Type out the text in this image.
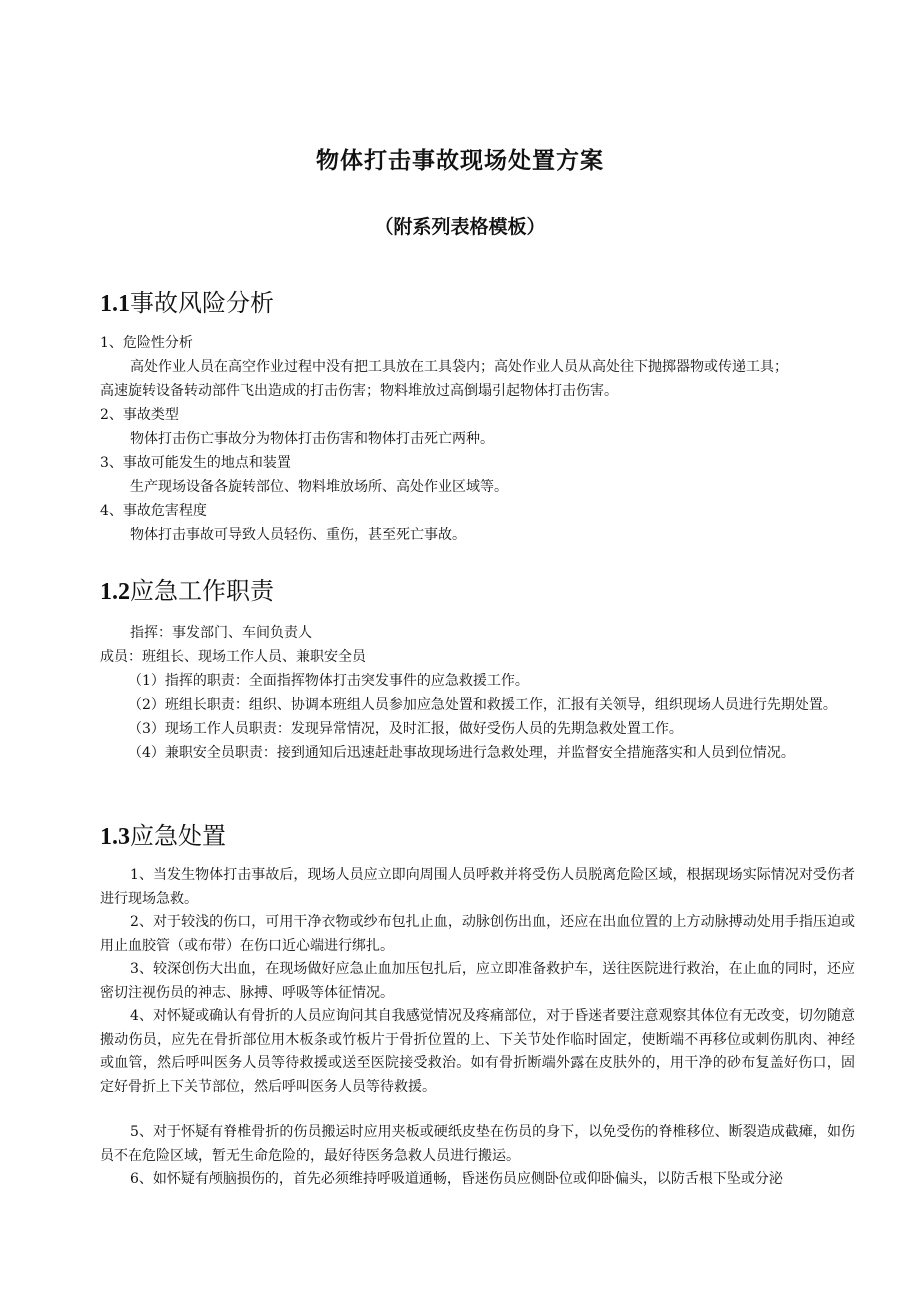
物体打击事故现场处置方案
（附系列表格模板）
1.1事故风险分析
1、危险性分析
高处作业人员在高空作业过程中没有把工具放在工具袋内；高处作业人员从高处往下抛掷器物或传递工具；
高速旋转设备转动部件飞出造成的打击伤害；物料堆放过高倒塌引起物体打击伤害。
2、事故类型
物体打击伤亡事故分为物体打击伤害和物体打击死亡两种。
3、事故可能发生的地点和装置
生产现场设备各旋转部位、物料堆放场所、高处作业区域等。
4、事故危害程度
物体打击事故可导致人员轻伤、重伤，甚至死亡事故。
1.2应急工作职责
指挥：事发部门、车间负责人
成员：班组长、现场工作人员、兼职安全员

（1）指挥的职责：全面指挥物体打击突发事件的应急救援工作。

（2）班组长职责：组织、协调本班组人员参加应急处置和救援工作，汇报有关领导，组织现场人员进行先期处置。

（3）现场工作人员职责：发现异常情况，及时汇报，做好受伤人员的先期急救处置工作。

（4）兼职安全员职责：接到通知后迅速赶赴事故现场进行急救处理，并监督安全措施落实和人员到位情况。

1.3应急处置

1、当发生物体打击事故后，现场人员应立即向周围人员呼救并将受伤人员脱离危险区域，根据现场实际情况对受伤者进行现场急救。

2、对于较浅的伤口，可用干净衣物或纱布包扎止血，动脉创伤出血，还应在出血位置的上方动脉搏动处用手指压迫或用止血胶管（或布带）在伤口近心端进行绑扎。

3、较深创伤大出血，在现场做好应急止血加压包扎后，应立即准备救护车，送往医院进行救治，在止血的同时，还应密切注视伤员的神志、脉搏、呼吸等体征情况。

4、对怀疑或确认有骨折的人员应询问其自我感觉情况及疼痛部位，对于昏迷者要注意观察其体位有无改变，切勿随意搬动伤员，应先在骨折部位用木板条或竹板片于骨折位置的上、下关节处作临时固定，使断端不再移位或刺伤肌肉、神经或血管，然后呼叫医务人员等待救援或送至医院接受救治。如有骨折断端外露在皮肤外的，用干净的砂布复盖好伤口，固定好骨折上下关节部位，然后呼叫医务人员等待救援。

5、对于怀疑有脊椎骨折的伤员搬运时应用夹板或硬纸皮垫在伤员的身下，以免受伤的脊椎移位、断裂造成截瘫，如伤员不在危险区域，暂无生命危险的，最好待医务急救人员进行搬运。

6、如怀疑有颅脑损伤的，首先必须维持呼吸道通畅，昏迷伤员应侧卧位或仰卧偏头，以防舌根下坠或分泌
